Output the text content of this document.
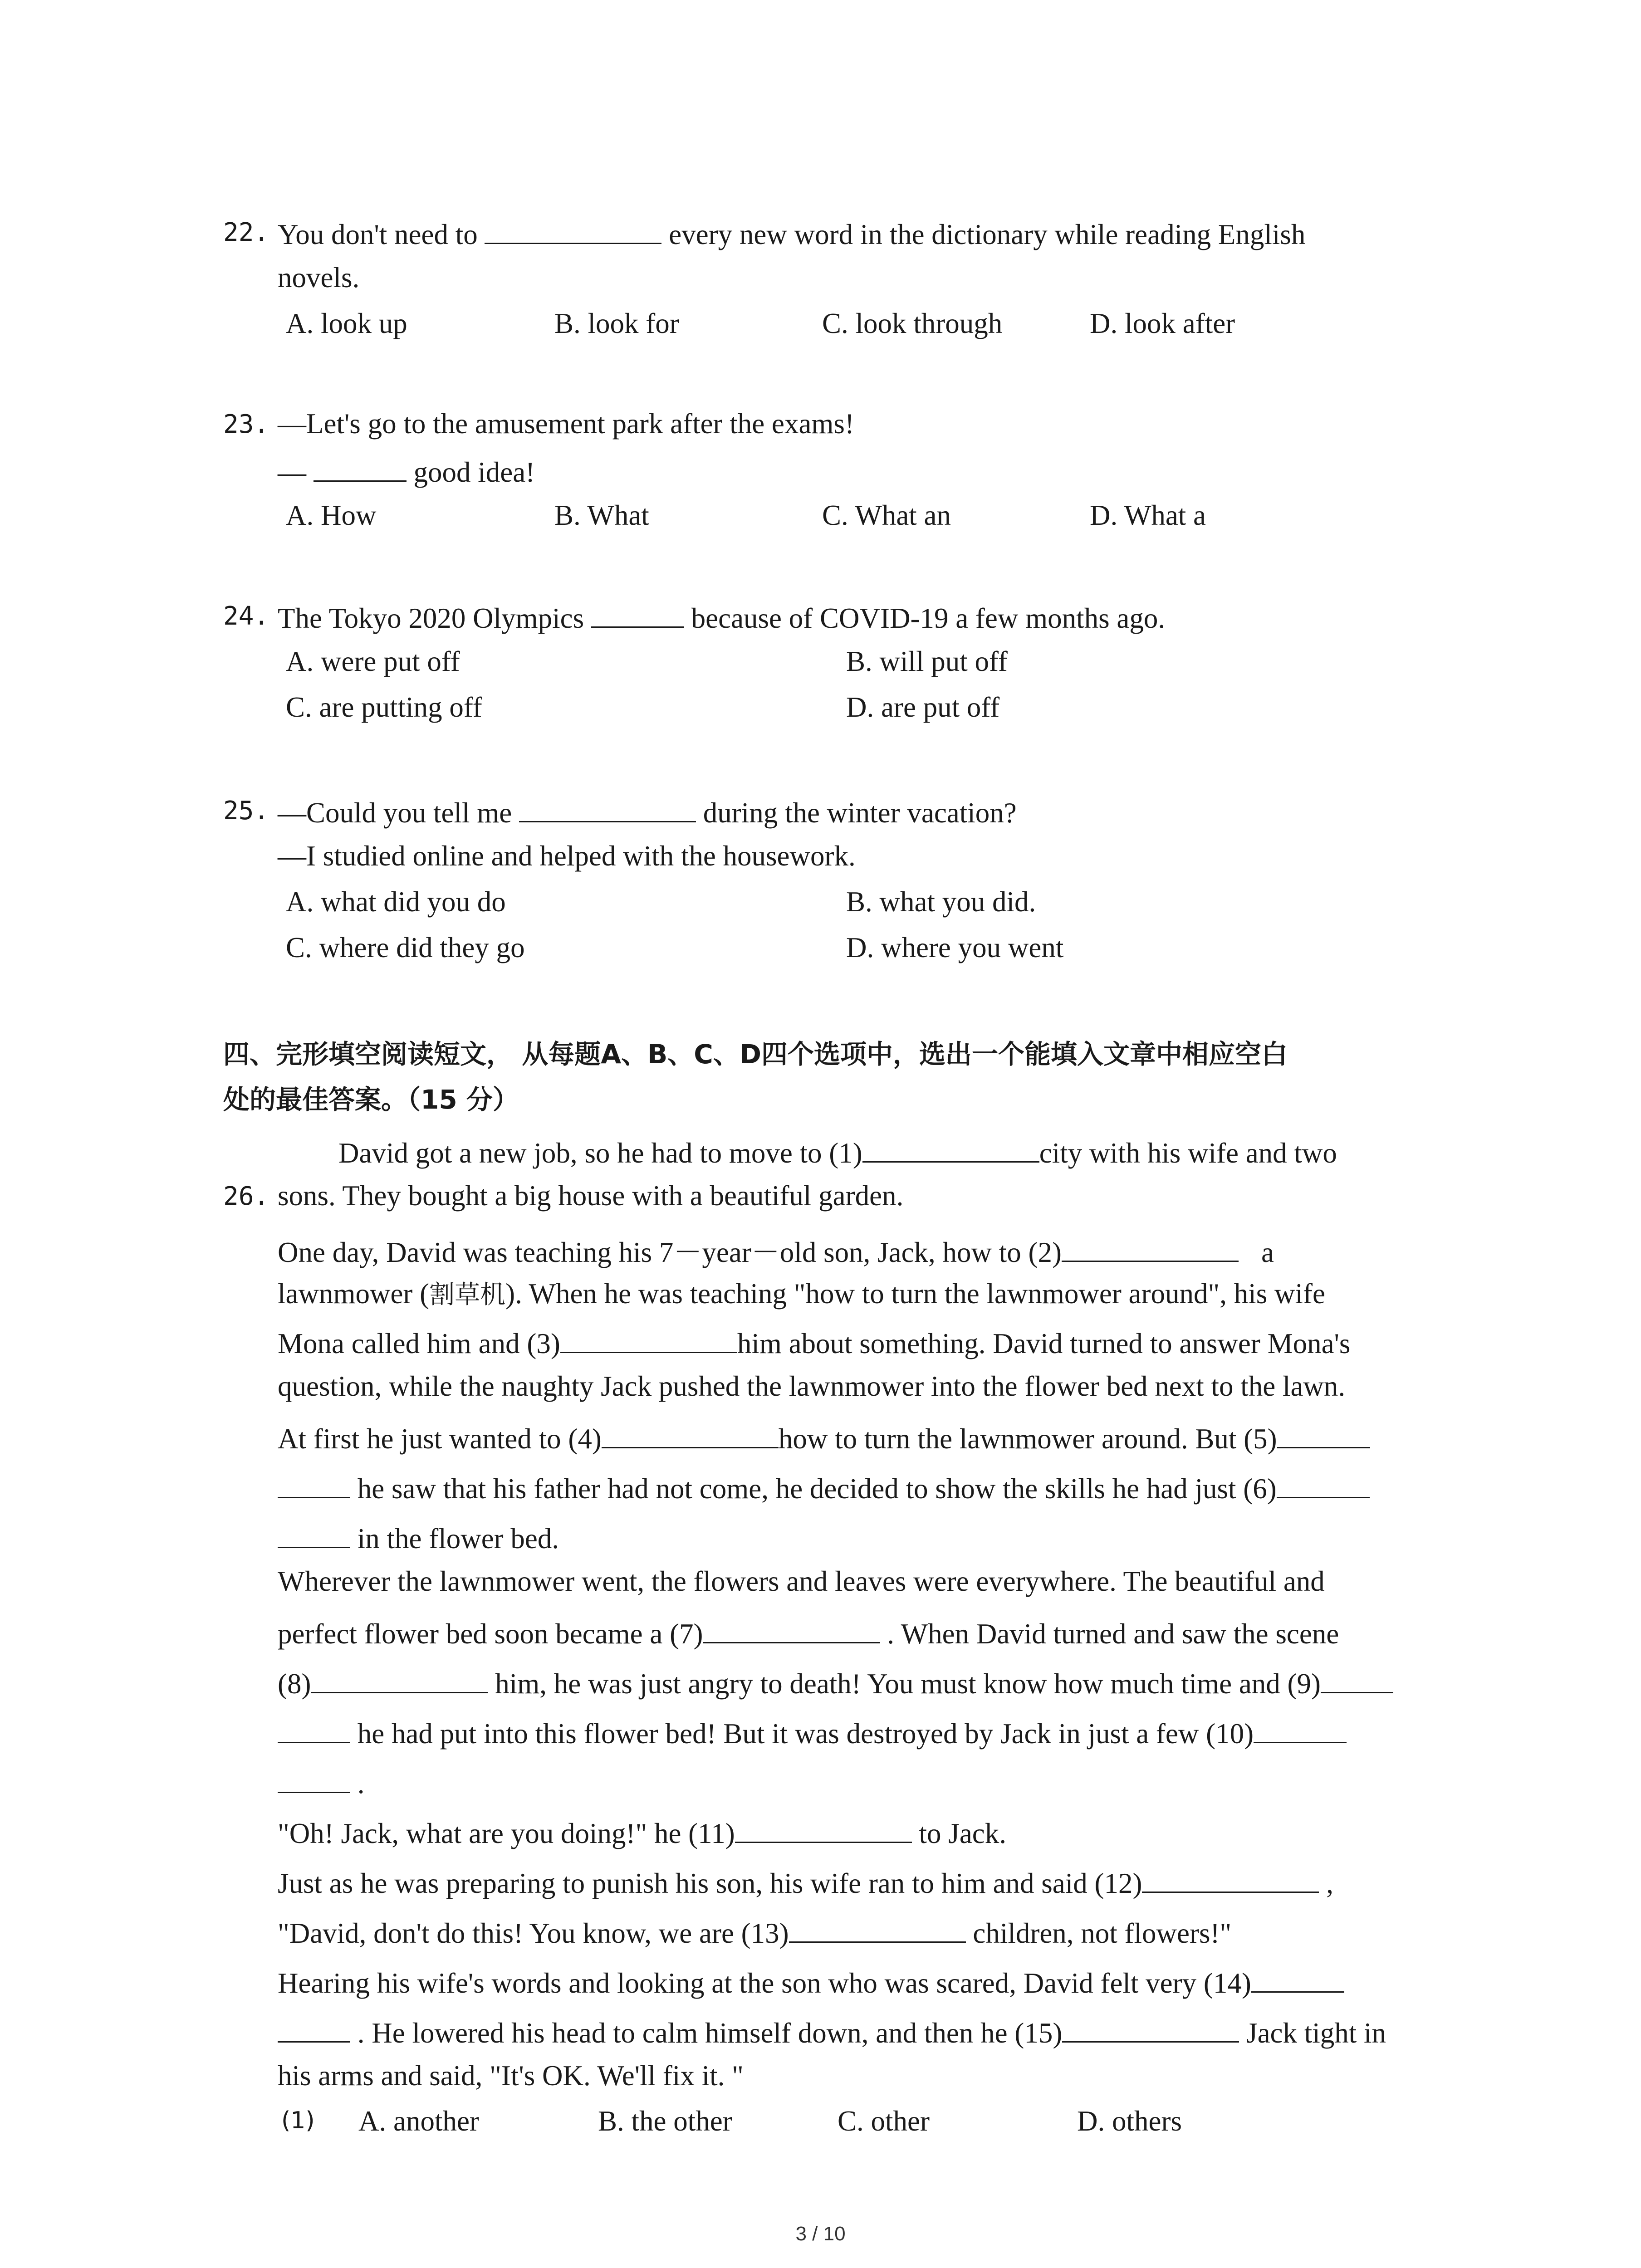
22. You don't need to	every new word in the dictionary while reading English
novels.
A. look up	B. look for	C. look through	D. look after
23. —Let's go to the amusement park after the exams!
—	good idea!
A. How	B. What	C. What an	D. What a
24. The Tokyo 2020 Olympics	because of COVID-19 a few months ago.
A. were put off	B. will put off
C. are putting off	D. are put off
25. —Could you tell me	during the winter vacation?
—I studied online and helped with the housework.
A. what did you do	B. what you did.
C. where did they go	D. where you went
四、完形填空阅读短文， 从每题A、B、C、D四个选项中，选出一个能填入文章中相应空白
处的最佳答案。（15 分）
David got a new job, so he had to move to (1)	city with his wife and two
26. sons. They bought a big house with a beautiful garden.
One day, David was teaching his 7－year－old son, Jack, how to (2)	a
lawnmower (割草机). When he was teaching "how to turn the lawnmower around", his wife
Mona called him and (3)	him about something. David turned to answer Mona's
question, while the naughty Jack pushed the lawnmower into the flower bed next to the lawn.
At first he just wanted to (4)	how to turn the lawnmower around. But (5)
he saw that his father had not come, he decided to show the skills he had just (6)
in the flower bed.
Wherever the lawnmower went, the flowers and leaves were everywhere. The beautiful and
perfect flower bed soon became a (7)	. When David turned and saw the scene
(8)	him, he was just angry to death! You must know how much time and (9)
he had put into this flower bed! But it was destroyed by Jack in just a few (10)
.
"Oh! Jack, what are you doing!" he (11)	to Jack.
Just as he was preparing to punish his son, his wife ran to him and said (12)	,
"David, don't do this! You know, we are (13)	children, not flowers!"
Hearing his wife's words and looking at the son who was scared, David felt very (14)
. He lowered his head to calm himself down, and then he (15)	Jack tight in
his arms and said, "It's OK. We'll fix it. "
(1) A. another	B. the other	C. other	D. others
3 / 10
